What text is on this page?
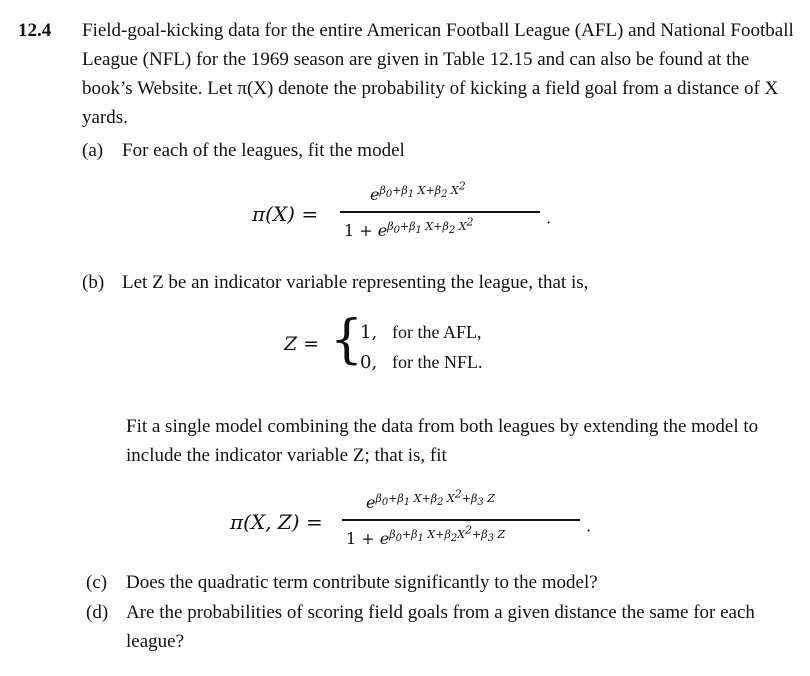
12.4 Field-goal-kicking data for the entire American Football League (AFL) and National Football League (NFL) for the 1969 season are given in Table 12.15 and can also be found at the book’s Website. Let π(X) denote the probability of kicking a field goal from a distance of X yards.

(a) For each of the leagues, fit the model

π(X) =
$e^{\beta_0+\beta_1 X+\beta_2 X^2}$
$1 + e^{\beta_0+\beta_1 X+\beta_2 X^2}$	·

(b) Let Z be an indicator variable representing the league, that is,

Z = {
1, for the AFL,
0, for the NFL.

Fit a single model combining the data from both leagues by extending the model to include the indicator variable Z; that is, fit

π(X, Z) =
$e^{\beta_0+\beta_1 X+\beta_2 X^2+\beta_3 Z}$
$1 + e^{\beta_0+\beta_1 X+\beta_2X^2+\beta_3 Z}$	·

(c) Does the quadratic term contribute significantly to the model?

(d) Are the probabilities of scoring field goals from a given distance the same for each league?
